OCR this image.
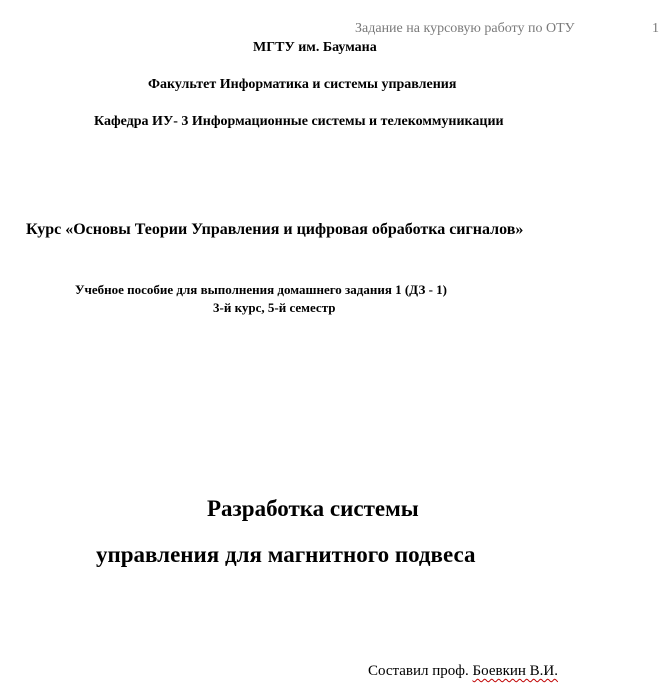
Задание на курсовую работу по ОТУ	1
МГТУ им. Баумана
Факультет Информатика и системы управления
Кафедра ИУ- 3 Информационные системы и телекоммуникации
Курс «Основы Теории Управления и цифровая обработка сигналов»
Учебное пособие для выполнения домашнего задания 1 (ДЗ - 1)
3-й курс, 5-й семестр
Разработка системы
управления для магнитного подвеса
Составил проф. Боевкин В.И.
